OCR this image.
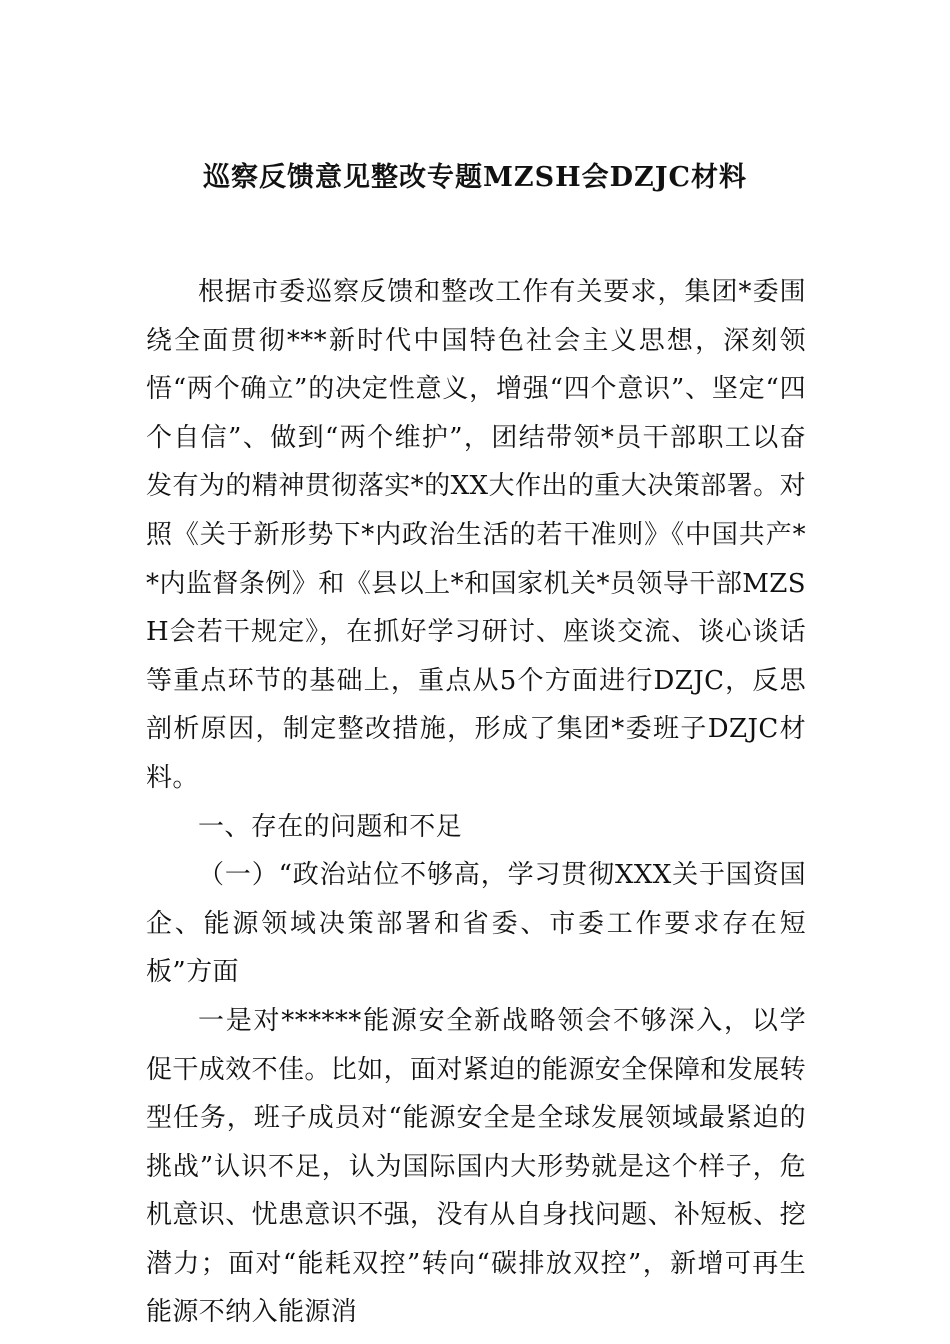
巡察反馈意见整改专题MZSH会DZJC材料

根据市委巡察反馈和整改工作有关要求，集团*委围绕全面贯彻***新时代中国特色社会主义思想，深刻领悟“两个确立”的决定性意义，增强“四个意识”、坚定“四个自信”、做到“两个维护”，团结带领*员干部职工以奋发有为的精神贯彻落实*的XX大作出的重大决策部署。对照《关于新形势下*内政治生活的若干准则》《中国共产**内监督条例》和《县以上*和国家机关*员领导干部MZSH会若干规定》，在抓好学习研讨、座谈交流、谈心谈话等重点环节的基础上，重点从5个方面进行DZJC，反思剖析原因，制定整改措施，形成了集团*委班子DZJC材料。

一、存在的问题和不足

（一）“政治站位不够高，学习贯彻XXX关于国资国企、能源领域决策部署和省委、市委工作要求存在短板”方面

一是对******能源安全新战略领会不够深入，以学促干成效不佳。比如，面对紧迫的能源安全保障和发展转型任务，班子成员对“能源安全是全球发展领域最紧迫的挑战”认识不足，认为国际国内大形势就是这个样子，危机意识、忧患意识不强，没有从自身找问题、补短板、挖潜力；面对“能耗双控”转向“碳排放双控”，新增可再生能源不纳入能源消
